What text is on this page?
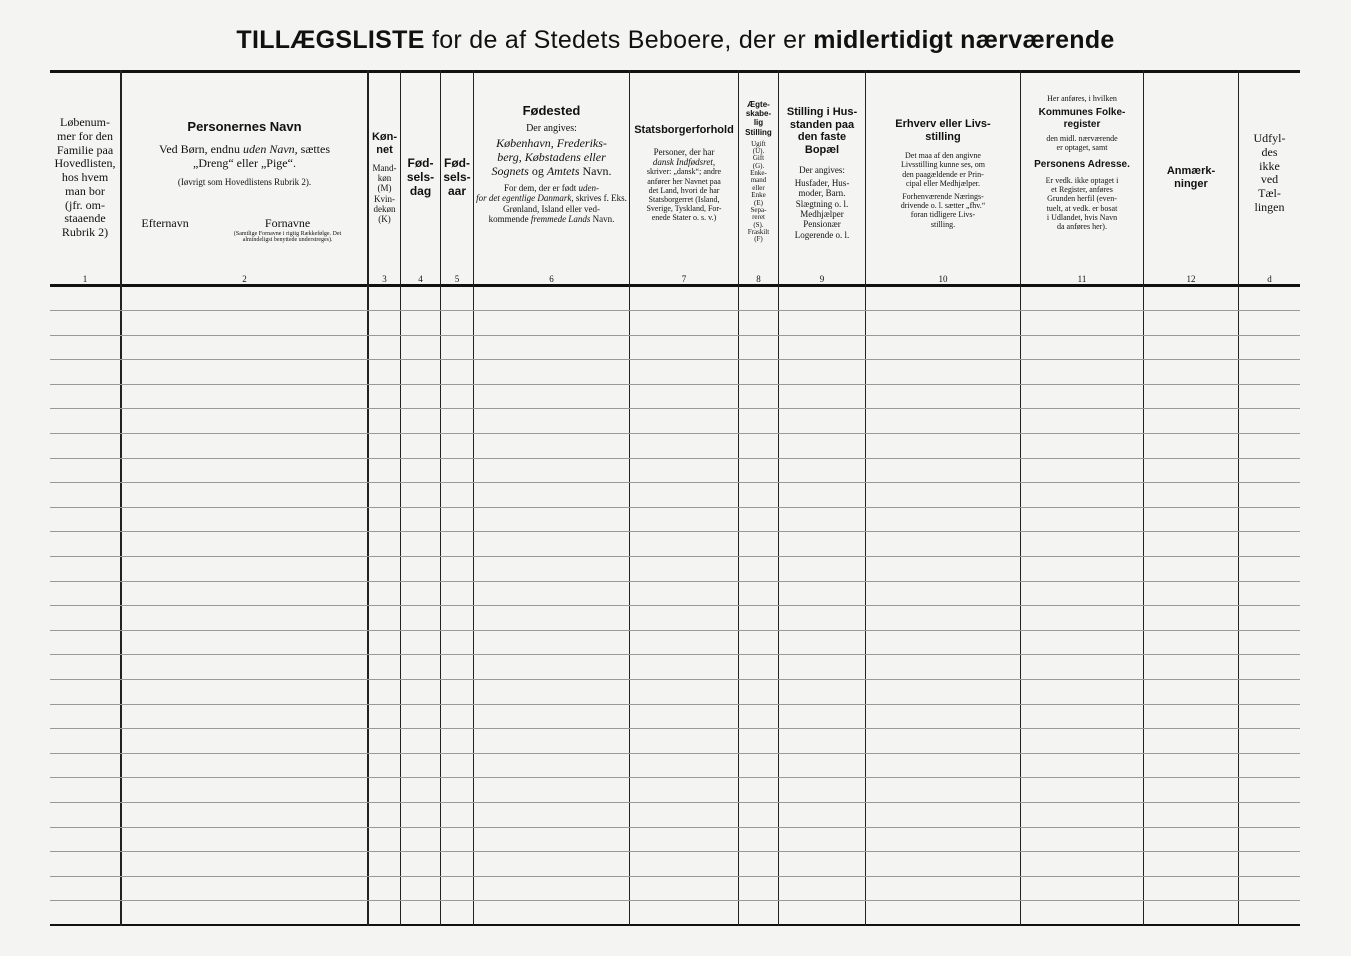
TILLÆGSLISTE for de af Stedets Beboere, der er midlertidigt nærværende
Løbenum-
mer for den
Familie paa
Hovedlisten,
hos hvem
man bor
(jfr. om-
staaende
Rubrik 2)
1
Personernes Navn
Ved Børn, endnu uden Navn, sættes
„Dreng“ eller „Pige“.
(Iøvrigt som Hovedlistens Rubrik 2).
Efternavn	Fornavne
(Samtlige Fornavne i rigtig Rækkefølge. Det almindeligst benyttede understreges).
2
Køn-
net
Mand-
køn
(M)
Kvin-
dekøn
(K)
3
Fød-
sels-
dag
4
Fød-
sels-
aar
5
Fødested
Der angives:
København, Frederiks-
berg, Købstadens eller
Sognets og Amtets Navn.
For dem, der er født uden-
for det egentlige Danmark, skrives f. Eks.
Grønland, Island eller ved-
kommende fremmede Lands Navn.
6
Statsborgerforhold
Personer, der har
dansk Indfødsret,
skriver: „dansk“; andre
anfører her Navnet paa
det Land, hvori de har
Statsborgerret (Island,
Sverige, Tyskland, For-
enede Stater o. s. v.)
7
Ægte-
skabe-
lig
Stilling
Ugift
(U).
Gift
(G).
Enke-
mand
eller
Enke
(E)
Sepa-
reret
(S).
Fraskilt
(F)
8
Stilling i Hus-
standen paa
den faste
Bopæl
Der angives:
Husfader, Hus-
moder, Barn.
Slægtning o. l.
Medhjælper
Pensionær
Logerende o. l.
9
Erhverv eller Livs-
stilling
Det maa af den angivne
Livsstilling kunne ses, om
den paagældende er Prin-
cipal eller Medhjælper.
Forhenværende Nærings-
drivende o. l. sætter „fhv.“
foran tidligere Livs-
stilling.
10
Her anføres, i hvilken
Kommunes Folke-
register
den midl. nærværende
er optaget, samt
Personens Adresse.
Er vedk. ikke optaget i
et Register, anføres
Grunden herfil (even-
tuelt, at vedk. er bosat
i Udlandet, hvis Navn
da anføres her).
11
Anmærk-
ninger
12
Udfyl-
des
ikke
ved
Tæl-
lingen
d
